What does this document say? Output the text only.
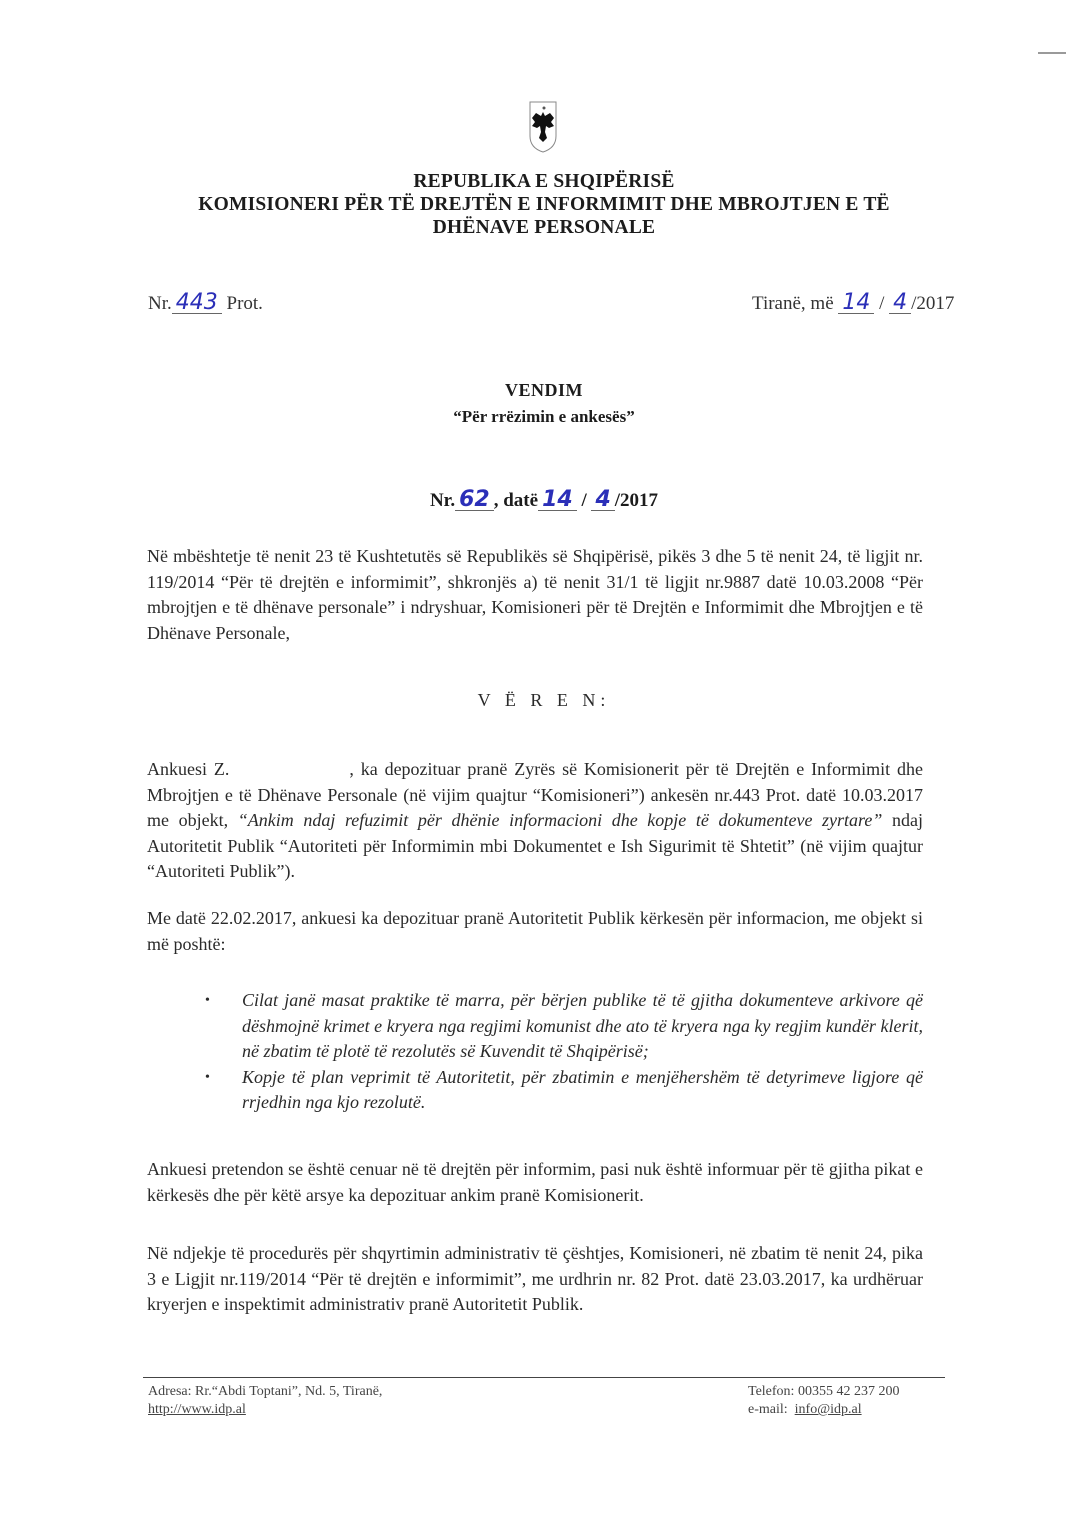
REPUBLIKA E SHQIPËRISË
KOMISIONERI PËR TË DREJTËN E INFORMIMIT DHE MBROJTJEN E TË
DHËNAVE PERSONALE
Nr. 443 Prot.	Tiranë, më 14 / 4 /2017
VENDIM
“Për rrëzimin e ankesës”
Nr. 62 , datë 14 / 4 /2017
Në mbështetje të nenit 23 të Kushtetutës së Republikës së Shqipërisë, pikës 3 dhe 5 të nenit 24, të ligjit nr. 119/2014 “Për të drejtën e informimit”, shkronjës a) të nenit 31/1 të ligjit nr.9887 datë 10.03.2008 “Për mbrojtjen e të dhënave personale” i ndryshuar, Komisioneri për të Drejtën e Informimit dhe Mbrojtjen e të Dhënave Personale,
V Ë R E N:
Ankuesi Z.	, ka depozituar pranë Zyrës së Komisionerit për të Drejtën e Informimit dhe Mbrojtjen e të Dhënave Personale (në vijim quajtur “Komisioneri”) ankesën nr.443 Prot. datë 10.03.2017 me objekt, “Ankim ndaj refuzimit për dhënie informacioni dhe kopje të dokumenteve zyrtare” ndaj Autoritetit Publik “Autoriteti për Informimin mbi Dokumentet e Ish Sigurimit të Shtetit” (në vijim quajtur “Autoriteti Publik”).
Me datë 22.02.2017, ankuesi ka depozituar pranë Autoritetit Publik kërkesën për informacion, me objekt si më poshtë:
• Cilat janë masat praktike të marra, për bërjen publike të të gjitha dokumenteve arkivore që dëshmojnë krimet e kryera nga regjimi komunist dhe ato të kryera nga ky regjim kundër klerit, në zbatim të plotë të rezolutës së Kuvendit të Shqipërisë;
• Kopje të plan veprimit të Autoritetit, për zbatimin e menjëhershëm të detyrimeve ligjore që rrjedhin nga kjo rezolutë.
Ankuesi pretendon se është cenuar në të drejtën për informim, pasi nuk është informuar për të gjitha pikat e kërkesës dhe për këtë arsye ka depozituar ankim pranë Komisionerit.
Në ndjekje të procedurës për shqyrtimin administrativ të çështjes, Komisioneri, në zbatim të nenit 24, pika 3 e Ligjit nr.119/2014 “Për të drejtën e informimit”, me urdhrin nr. 82 Prot. datë 23.03.2017, ka urdhëruar kryerjen e inspektimit administrativ pranë Autoritetit Publik.
Adresa: Rr.“Abdi Toptani”, Nd. 5, Tiranë,
http://www.idp.al
Telefon: 00355 42 237 200
e-mail: info@idp.al
